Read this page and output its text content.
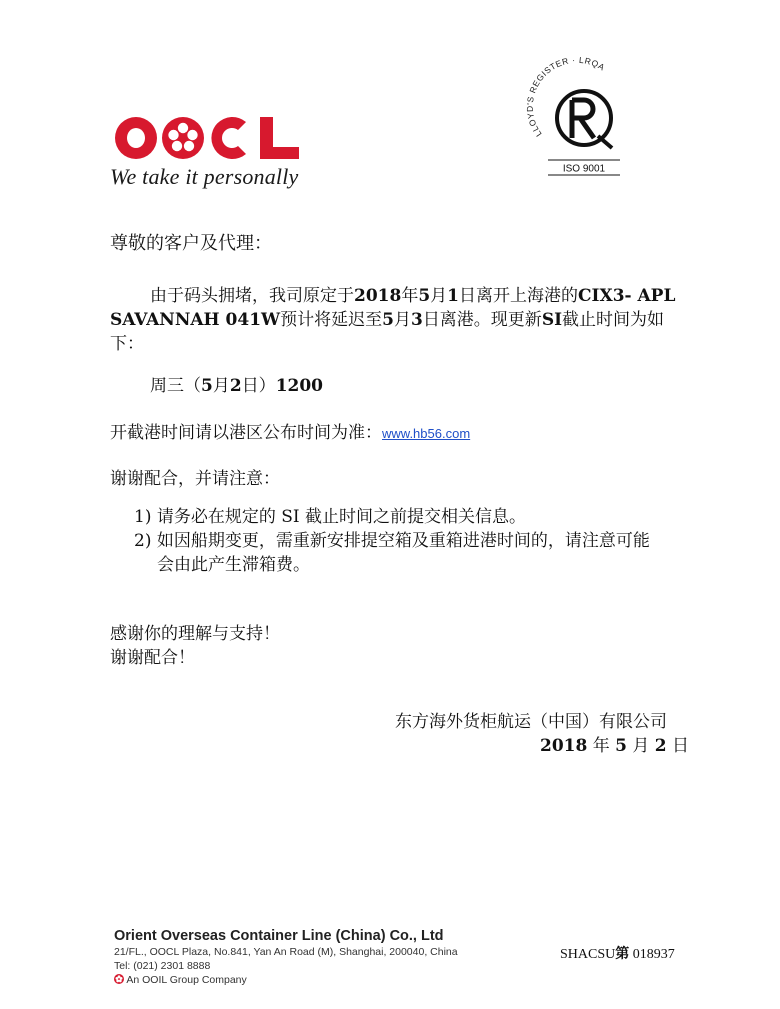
We take it personally
LLOYD'S REGISTER · LRQA
ISO 9001
尊敬的客户及代理：
由于码头拥堵，我司原定于2018年5月1日离开上海港的CIX3- APL
SAVANNAH 041W预计将延迟至5月3日离港。现更新SI截止时间为如
下：
周三（5月2日）1200
开截港时间请以港区公布时间为准：www.hb56.com
谢谢配合，并请注意：
1) 请务必在规定的 SI 截止时间之前提交相关信息。
2) 如因船期变更，需重新安排提空箱及重箱进港时间的，请注意可能
会由此产生滞箱费。
感谢你的理解与支持！
谢谢配合！
东方海外货柜航运（中国）有限公司
2018 年 5 月 2 日
Orient Overseas Container Line (China) Co., Ltd
21/FL., OOCL Plaza, No.841, Yan An Road (M), Shanghai, 200040, China
Tel: (021) 2301 8888
An OOIL Group Company
SHACSU第 018937
